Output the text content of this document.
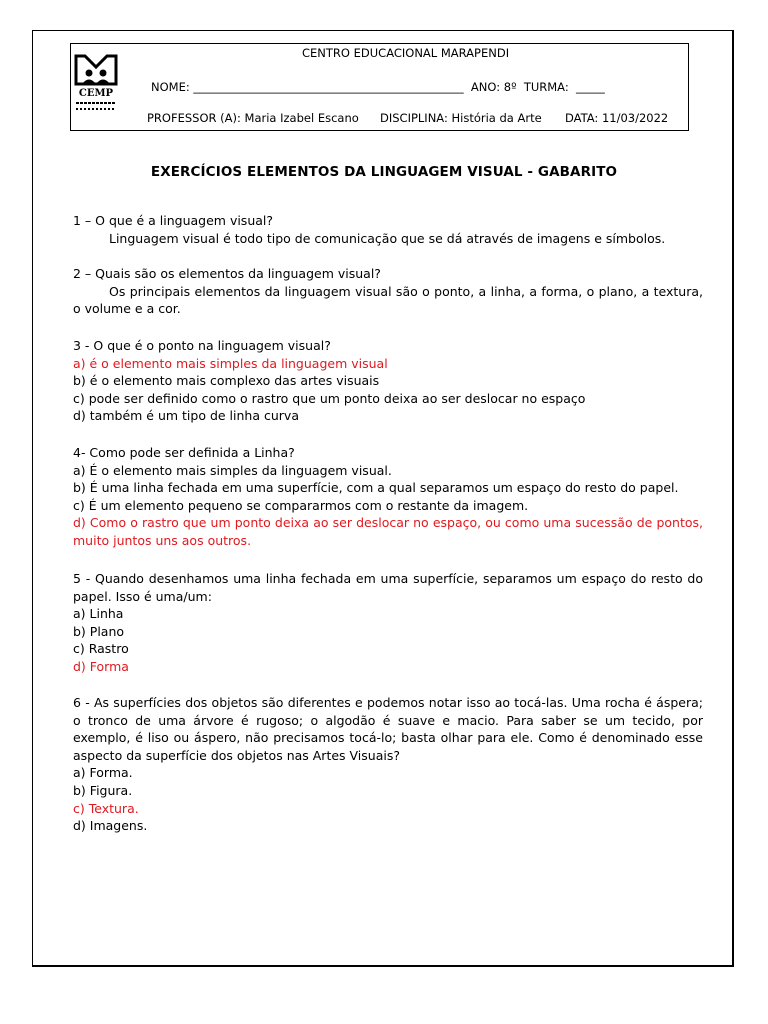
CEMP
CENTRO EDUCACIONAL MARAPENDI
NOME: _______________________________________________  ANO: 8º  TURMA:  _____
PROFESSOR (A): Maria Izabel Escano DISCIPLINA: História da Arte DATA: 11/03/2022
EXERCÍCIOS ELEMENTOS DA LINGUAGEM VISUAL - GABARITO

1 – O que é a linguagem visual?

Linguagem visual é todo tipo de comunicação que se dá através de imagens e símbolos.

2 – Quais são os elementos da linguagem visual?

Os principais elementos da linguagem visual são o ponto, a linha, a forma, o plano, a textura, o volume e a cor.

3 - O que é o ponto na linguagem visual?

a) é o elemento mais simples da linguagem visual

b) é o elemento mais complexo das artes visuais

c) pode ser definido como o rastro que um ponto deixa ao ser deslocar no espaço

d) também é um tipo de linha curva

4- Como pode ser definida a Linha?

a) É o elemento mais simples da linguagem visual.

b) É uma linha fechada em uma superfície, com a qual separamos um espaço do resto do papel.

c) É um elemento pequeno se compararmos com o restante da imagem.

d) Como o rastro que um ponto deixa ao ser deslocar no espaço, ou como uma sucessão de pontos, muito juntos uns aos outros.

5 - Quando desenhamos uma linha fechada em uma superfície, separamos um espaço do resto do papel. Isso é uma/um:

a) Linha

b) Plano

c) Rastro

d) Forma

6 - As superfícies dos objetos são diferentes e podemos notar isso ao tocá-las. Uma rocha é áspera; o tronco de uma árvore é rugoso; o algodão é suave e macio. Para saber se um tecido, por exemplo, é liso ou áspero, não precisamos tocá-lo; basta olhar para ele. Como é denominado esse aspecto da superfície dos objetos nas Artes Visuais?

a) Forma.

b) Figura.

c) Textura.

d) Imagens.
